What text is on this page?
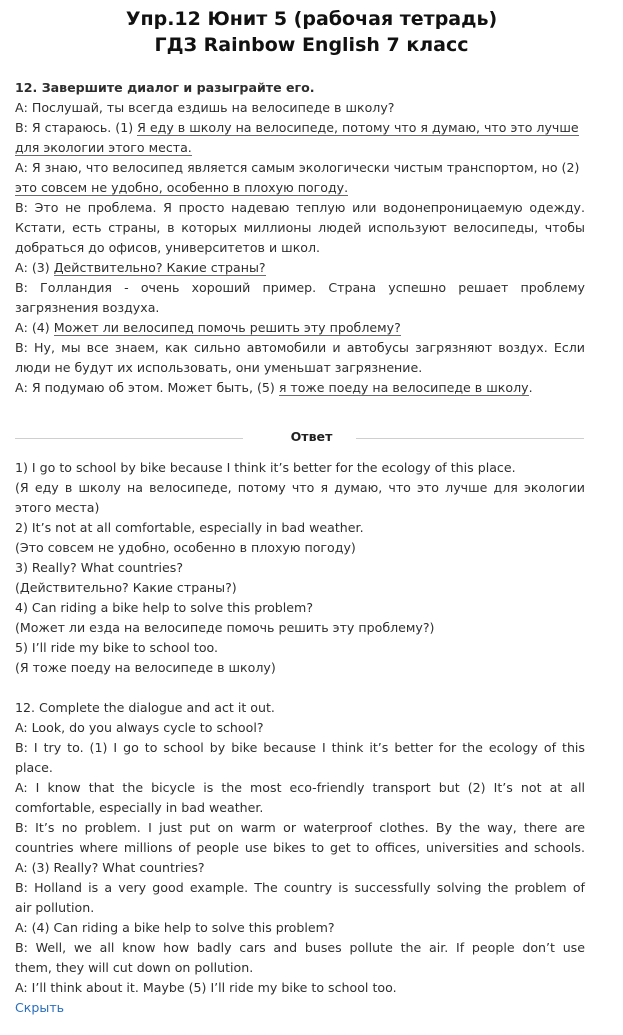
Упр.12 Юнит 5 (рабочая тетрадь)
ГДЗ Rainbow English 7 класс
12. Завершите диалог и разыграйте его.
А: Послушай, ты всегда ездишь на велосипеде в школу?
В: Я стараюсь. (1) Я еду в школу на велосипеде, потому что я думаю, что это лучше
для экологии этого места.
А: Я знаю, что велосипед является самым экологически чистым транспортом, но (2)
это совсем не удобно, особенно в плохую погоду.
В: Это не проблема. Я просто надеваю теплую или водонепроницаемую одежду.
Кстати, есть страны, в которых миллионы людей используют велосипеды, чтобы
добраться до офисов, университетов и школ.
А: (3) Действительно? Какие страны?
В: Голландия - очень хороший пример. Страна успешно решает проблему
загрязнения воздуха.
А: (4) Может ли велосипед помочь решить эту проблему?
В: Ну, мы все знаем, как сильно автомобили и автобусы загрязняют воздух. Если
люди не будут их использовать, они уменьшат загрязнение.
А: Я подумаю об этом. Может быть, (5) я тоже поеду на велосипеде в школу.
Ответ
1) I go to school by bike because I think it’s better for the ecology of this place.
(Я еду в школу на велосипеде, потому что я думаю, что это лучше для экологии
этого места)
2) It’s not at all comfortable, especially in bad weather.
(Это совсем не удобно, особенно в плохую погоду)
3) Really? What countries?
(Действительно? Какие страны?)
4) Can riding a bike help to solve this problem?
(Может ли езда на велосипеде помочь решить эту проблему?)
5) I’ll ride my bike to school too.
(Я тоже поеду на велосипеде в школу)
12. Complete the dialogue and act it out.
A: Look, do you always cycle to school?
B: I try to. (1) I go to school by bike because I think it’s better for the ecology of this
place.
A: I know that the bicycle is the most eco-friendly transport but (2) It’s not at all
comfortable, especially in bad weather.
B: It’s no problem. I just put on warm or waterproof clothes. By the way, there are
countries where millions of people use bikes to get to offices, universities and schools.
A: (3) Really? What countries?
B: Holland is a very good example. The country is successfully solving the problem of
air pollution.
A: (4) Can riding a bike help to solve this problem?
B: Well, we all know how badly cars and buses pollute the air. If people don’t use
them, they will cut down on pollution.
A: I’ll think about it. Maybe (5) I’ll ride my bike to school too.
Скрыть
